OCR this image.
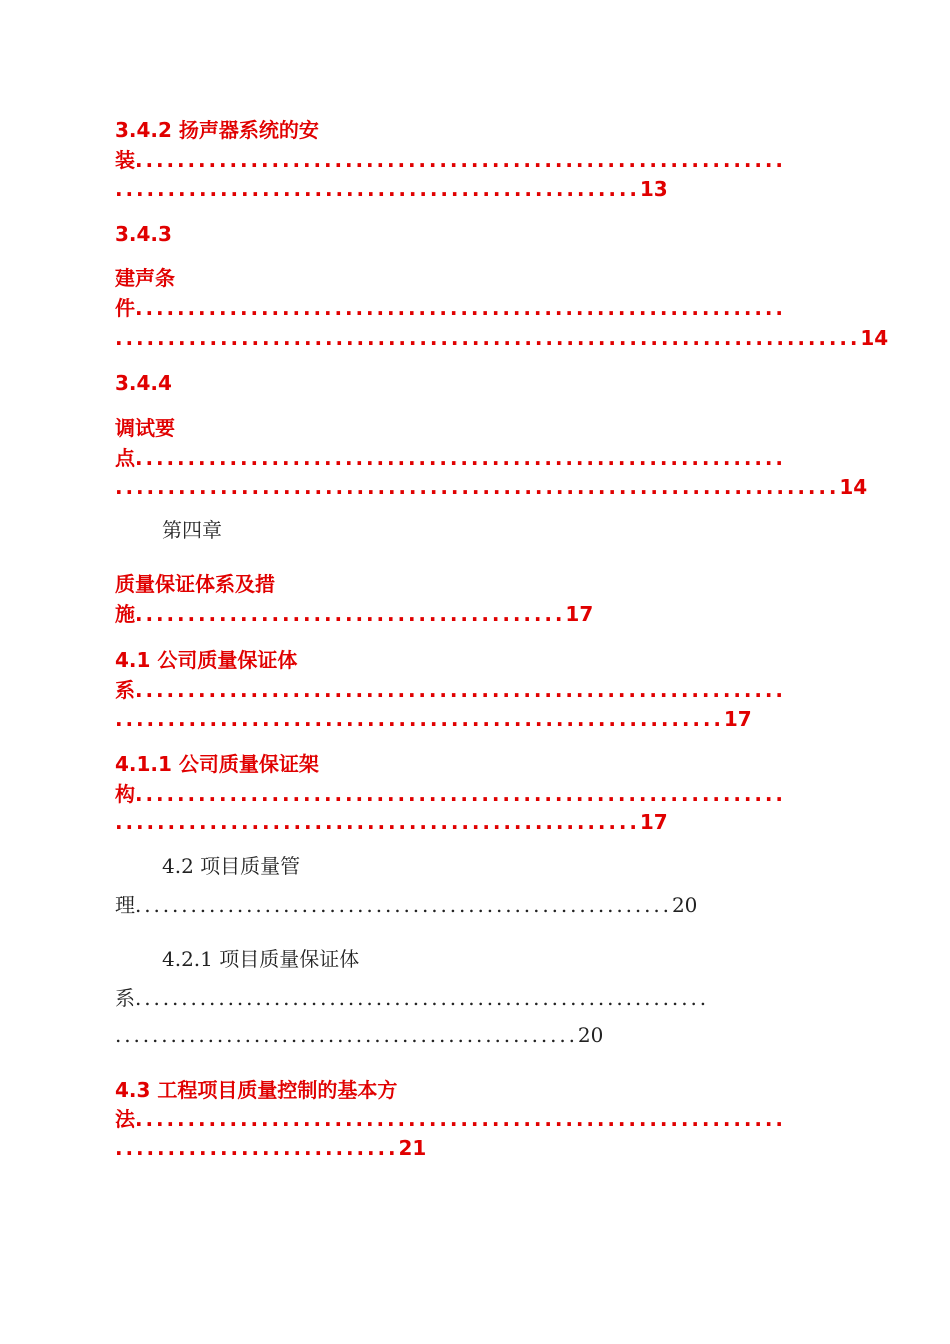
3.4.2 扬声器系统的安
装..............................................................
..................................................13
3.4.3
建声条
件..............................................................
.......................................................................14
3.4.4
调试要
点..............................................................
.....................................................................14
第四章
质量保证体系及措
施.........................................17
4.1 公司质量保证体
系..............................................................
..........................................................17
4.1.1 公司质量保证架
构..............................................................
..................................................17
4.2 项目质量管
理..........................................................20
4.2.1 项目质量保证体
系..............................................................
..................................................20
4.3 工程项目质量控制的基本方
法..............................................................
...........................21
